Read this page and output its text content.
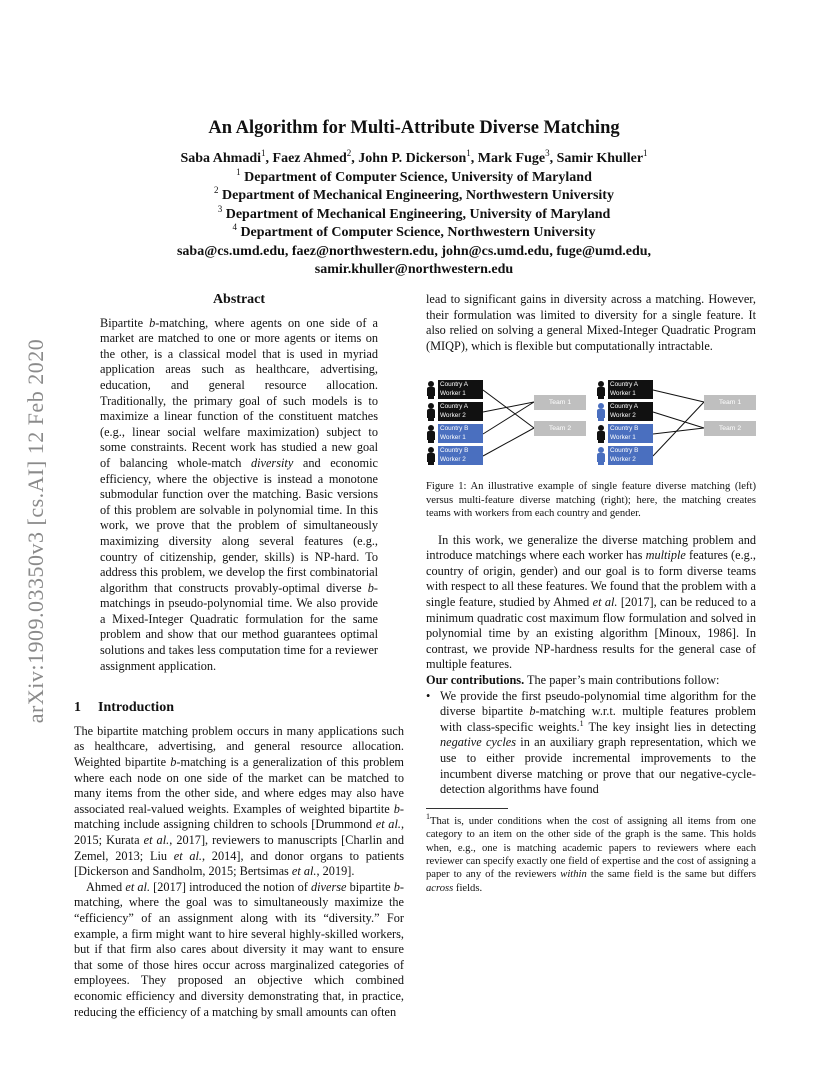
arXiv:1909.03350v3 [cs.AI] 12 Feb 2020
An Algorithm for Multi-Attribute Diverse Matching
Saba Ahmadi$^1$, Faez Ahmed$^2$, John P. Dickerson$^1$, Mark Fuge$^3$, Samir Khuller$^1$
$^1$ Department of Computer Science, University of Maryland
$^2$ Department of Mechanical Engineering, Northwestern University
$^3$ Department of Mechanical Engineering, University of Maryland
$^4$ Department of Computer Science, Northwestern University
saba@cs.umd.edu, faez@northwestern.edu, john@cs.umd.edu, fuge@umd.edu,
samir.khuller@northwestern.edu
Abstract

Bipartite b-matching, where agents on one side of a market are matched to one or more agents or items on the other, is a classical model that is used in myriad application areas such as healthcare, advertising, education, and general resource allocation. Traditionally, the primary goal of such models is to maximize a linear function of the constituent matches (e.g., linear social welfare maximization) subject to some constraints. Recent work has studied a new goal of balancing whole-match diversity and economic efficiency, where the objective is instead a monotone submodular function over the matching. Basic versions of this problem are solvable in polynomial time. In this work, we prove that the problem of simultaneously maximizing diversity along several features (e.g., country of citizenship, gender, skills) is NP-hard. To address this problem, we develop the first combinatorial algorithm that constructs provably-optimal diverse b-matchings in pseudo-polynomial time. We also provide a Mixed-Integer Quadratic formulation for the same problem and show that our method guarantees optimal solutions and takes less computation time for a reviewer assignment application.

1 Introduction

The bipartite matching problem occurs in many applications such as healthcare, advertising, and general resource allocation. Weighted bipartite b-matching is a generalization of this problem where each node on one side of the market can be matched to many items from the other side, and where edges may also have associated real-valued weights. Examples of weighted bipartite b-matching include assigning children to schools [Drummond et al., 2015; Kurata et al., 2017], reviewers to manuscripts [Charlin and Zemel, 2013; Liu et al., 2014], and donor organs to patients [Dickerson and Sandholm, 2015; Bertsimas et al., 2019].

Ahmed et al. [2017] introduced the notion of diverse bipartite b-matching, where the goal was to simultaneously maximize the “efficiency” of an assignment along with its “diversity.” For example, a firm might want to hire several highly-skilled workers, but if that firm also cares about diversity it may want to ensure that some of those hires occur across marginalized categories of employees. They proposed an objective which combined economic efficiency and diversity demonstrating that, in practice, reducing the efficiency of a matching by small amounts can often

lead to significant gains in diversity across a matching. However, their formulation was limited to diversity for a single feature. It also relied on solving a general Mixed-Integer Quadratic Program (MIQP), which is flexible but computationally intractable.

Country A
Worker 1
Country A
Worker 2
Country B
Worker 1
Country B
Worker 2
Team 1
Team 2
Country A
Worker 1
Country A
Worker 2
Country B
Worker 1
Country B
Worker 2
Team 1
Team 2
Figure 1: An illustrative example of single feature diverse matching (left) versus multi-feature diverse matching (right); here, the matching creates teams with workers from each country and gender.

In this work, we generalize the diverse matching problem and introduce matchings where each worker has multiple features (e.g., country of origin, gender) and our goal is to form diverse teams with respect to all these features. We found that the problem with a single feature, studied by Ahmed et al. [2017], can be reduced to a minimum quadratic cost maximum flow formulation and solved in polynomial time by an existing algorithm [Minoux, 1986]. In contrast, we provide NP-hardness results for the general case of multiple features.

Our contributions. The paper’s main contributions follow:

• We provide the first pseudo-polynomial time algorithm for the diverse bipartite b-matching w.r.t. multiple features problem with class-specific weights.$^1$ The key insight lies in detecting negative cycles in an auxiliary graph representation, which we use to either provide incremental improvements to the incumbent diverse matching or prove that our negative-cycle-detection algorithms have found
$^1$That is, under conditions when the cost of assigning all items from one category to an item on the other side of the graph is the same. This holds when, e.g., one is matching academic papers to reviewers where each reviewer can specify exactly one field of expertise and the cost of assigning a paper to any of the reviewers within the same field is the same but differs across fields.
